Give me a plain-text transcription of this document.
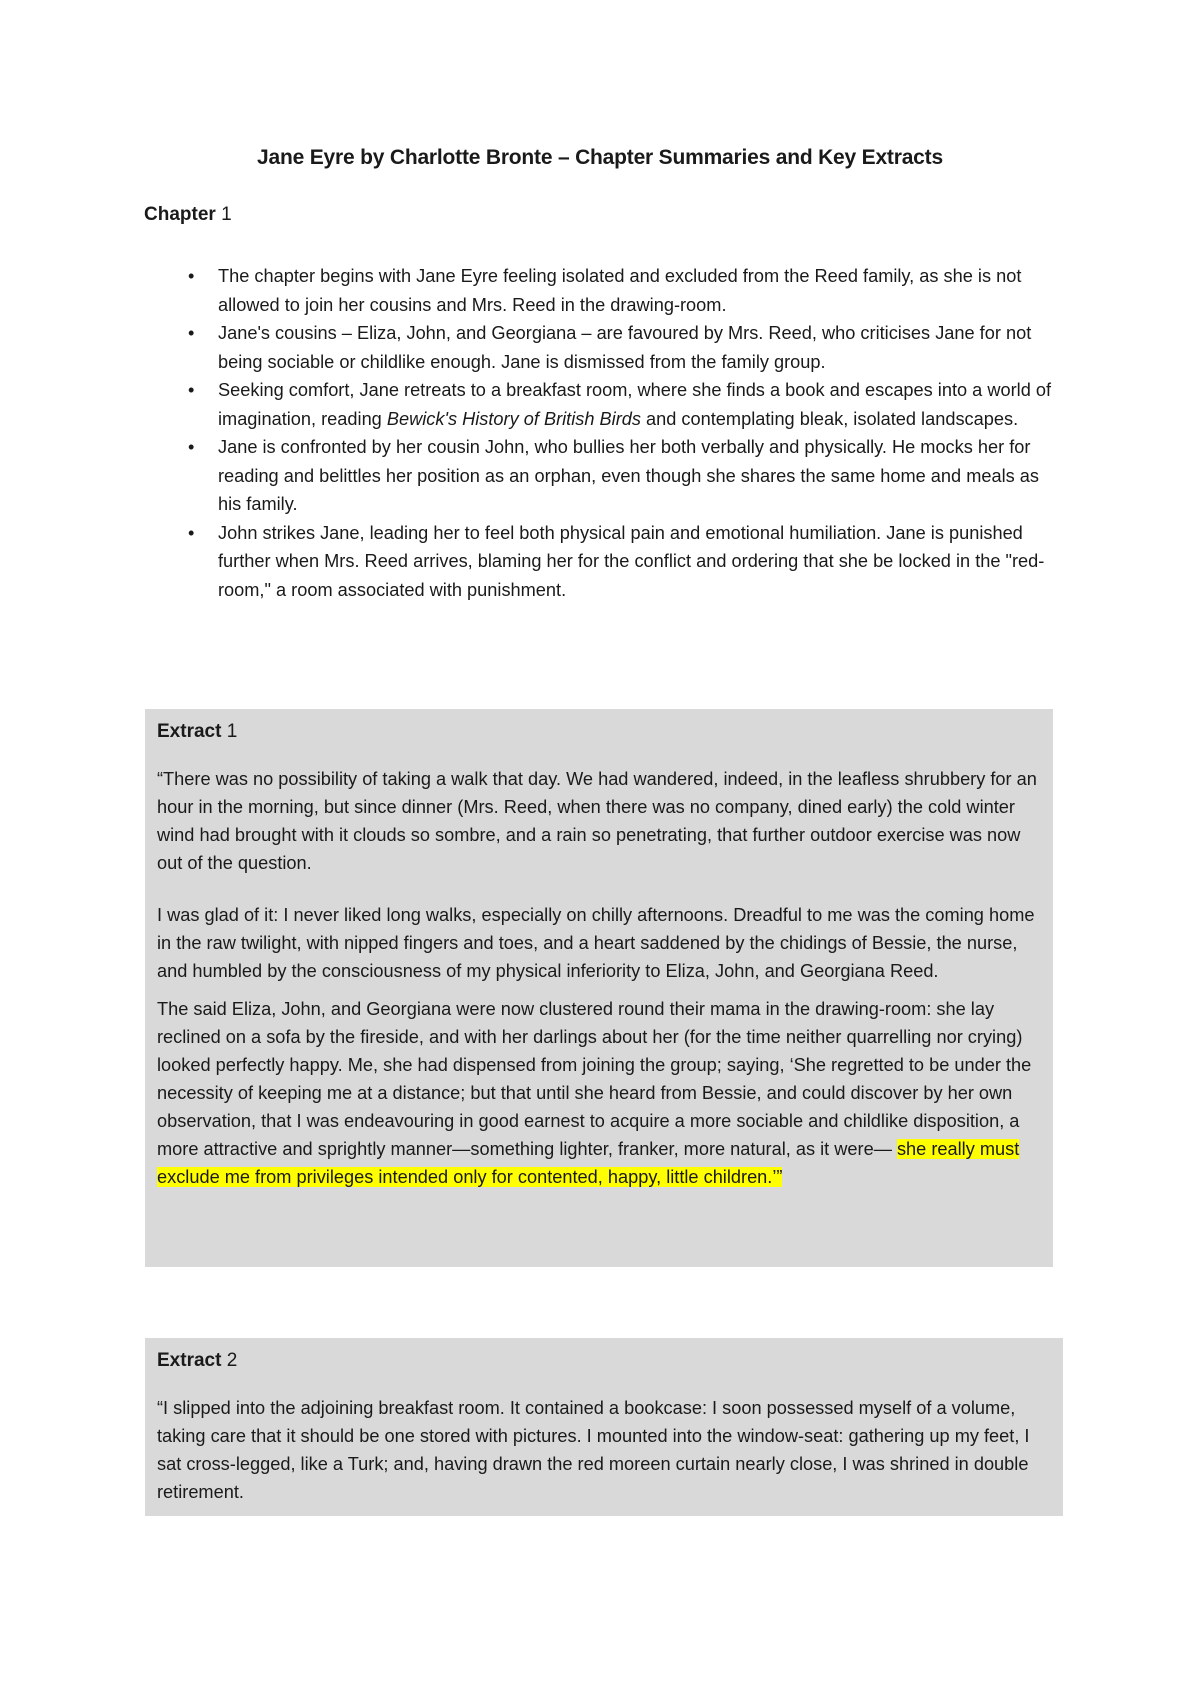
Jane Eyre by Charlotte Bronte – Chapter Summaries and Key Extracts

Chapter 1

• The chapter begins with Jane Eyre feeling isolated and excluded from the Reed family, as she is not allowed to join her cousins and Mrs. Reed in the drawing-room.
• Jane's cousins – Eliza, John, and Georgiana – are favoured by Mrs. Reed, who criticises Jane for not being sociable or childlike enough. Jane is dismissed from the family group.
• Seeking comfort, Jane retreats to a breakfast room, where she finds a book and escapes into a world of imagination, reading Bewick's History of British Birds and contemplating bleak, isolated landscapes.
• Jane is confronted by her cousin John, who bullies her both verbally and physically. He mocks her for reading and belittles her position as an orphan, even though she shares the same home and meals as his family.
• John strikes Jane, leading her to feel both physical pain and emotional humiliation. Jane is punished further when Mrs. Reed arrives, blaming her for the conflict and ordering that she be locked in the "red-room," a room associated with punishment.

Extract 1

“There was no possibility of taking a walk that day. We had wandered, indeed, in the leafless shrubbery for an hour in the morning, but since dinner (Mrs. Reed, when there was no company, dined early) the cold winter wind had brought with it clouds so sombre, and a rain so penetrating, that further outdoor exercise was now out of the question.

I was glad of it: I never liked long walks, especially on chilly afternoons. Dreadful to me was the coming home in the raw twilight, with nipped fingers and toes, and a heart saddened by the chidings of Bessie, the nurse, and humbled by the consciousness of my physical inferiority to Eliza, John, and Georgiana Reed.

The said Eliza, John, and Georgiana were now clustered round their mama in the drawing-room: she lay reclined on a sofa by the fireside, and with her darlings about her (for the time neither quarrelling nor crying) looked perfectly happy. Me, she had dispensed from joining the group; saying, ‘She regretted to be under the necessity of keeping me at a distance; but that until she heard from Bessie, and could discover by her own observation, that I was endeavouring in good earnest to acquire a more sociable and childlike disposition, a more attractive and sprightly manner—something lighter, franker, more natural, as it were— she really must exclude me from privileges intended only for contented, happy, little children.’”

Extract 2

“I slipped into the adjoining breakfast room. It contained a bookcase: I soon possessed myself of a volume, taking care that it should be one stored with pictures. I mounted into the window-seat: gathering up my feet, I sat cross-legged, like a Turk; and, having drawn the red moreen curtain nearly close, I was shrined in double retirement.
